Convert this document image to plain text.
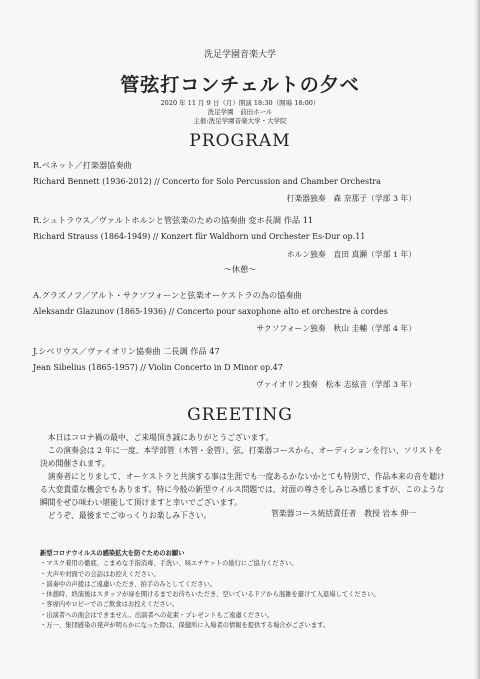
洗足学園音楽大学
管弦打コンチェルトの夕べ
2020 年 11 月 9 日（月）開演 18:30（開場 18:00）
洗足学園　前田ホール
主催:洗足学園音楽大学・大学院
PROGRAM
R.ベネット／打楽器協奏曲
Richard Bennett (1936-2012) // Concerto for Solo Percussion and Chamber Orchestra
打楽器独奏　森 奈那子（学部 3 年）
R.シュトラウス／ヴァルトホルンと管弦楽のための協奏曲 変ホ長調 作品 11
Richard Strauss (1864-1949) // Konzert für Waldhorn und Orchester Es-Dur op.11
ホルン独奏　直田 真瀬（学部 1 年）
～休憩～
A.グラズノフ／アルト・サクソフォーンと弦楽オーケストラの為の協奏曲
Aleksandr Glazunov (1865-1936) // Concerto pour saxophone alto et orchestre à cordes
サクソフォーン独奏　秋山 圭輔（学部 4 年）
J.シベリウス／ヴァイオリン協奏曲 二長調 作品 47
Jean Sibelius (1865-1957) // Violin Concerto in D Minor op.47
ヴァイオリン独奏　松本 志絃音（学部 3 年）
GREETING

本日はコロナ禍の最中、ご来場頂き誠にありがとうございます。

この演奏会は 2 年に一度、本学部管（木管・金管）、弦、打楽器コースから、オーディションを行い、ソリストを決め開催されます。

演奏者にとりまして、オーケストラと共演する事は生涯でも一度あるかないかとても特別で、作品本来の音を聴ける大変貴重な機会でもあります。特に今般の新型ウイルス問題では、対面の尊さをしみじみ感じますが、このような瞬間をぜひ味わい堪能して頂けますと幸いでございます。

どうぞ、最後までごゆっくりお楽しみ下さい。	管楽器コース統括責任者　教授 岩本 伸一
新型コロナウイルスの感染拡大を防ぐためのお願い
・マスク着用の徹底、こまめな手指消毒、手洗い、咳エチケットの励行にご協力ください。
・大声や対面での会話はお控えください。
・演奏中の声援はご遠慮いただき、拍手のみとしてください。
・休憩時、終演後はスタッフが扉を開けるまでお待ちいただき、空いているドアから混雑を避けて入退場してください。
・客席内やロビーでのご飲食はお控えください。
・出演者への面会はできません。出演者への花束・プレゼントもご遠慮ください。
・万一、集団感染の発声が明らかになった際は、保健所に入場者の情報を提供する場合がございます。
